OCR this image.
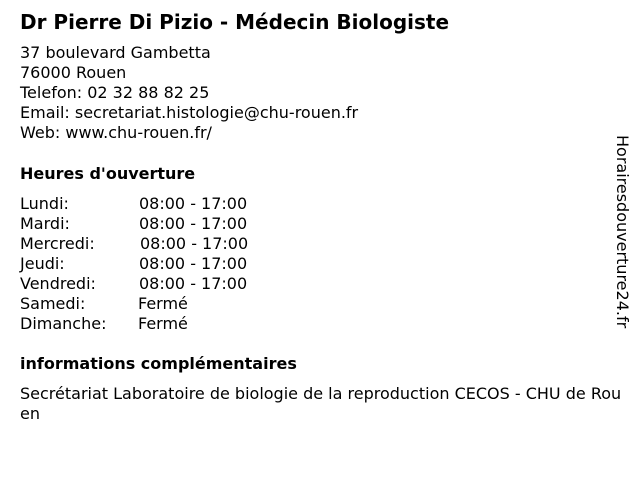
Dr Pierre Di Pizio - Médecin Biologiste
37 boulevard Gambetta
76000 Rouen
Telefon: 02 32 88 82 25
Email: secretariat.histologie@chu-rouen.fr
Web: www.chu-rouen.fr/
Heures d'ouverture
Lundi:	08:00 - 17:00
Mardi:	08:00 - 17:00
Mercredi:	08:00 - 17:00
Jeudi:	08:00 - 17:00
Vendredi:	08:00 - 17:00
Samedi:	Fermé
Dimanche: Fermé
informations complémentaires
Secrétariat Laboratoire de biologie de la reproduction CECOS - CHU de Rouen
Horairesdouverture24.fr
